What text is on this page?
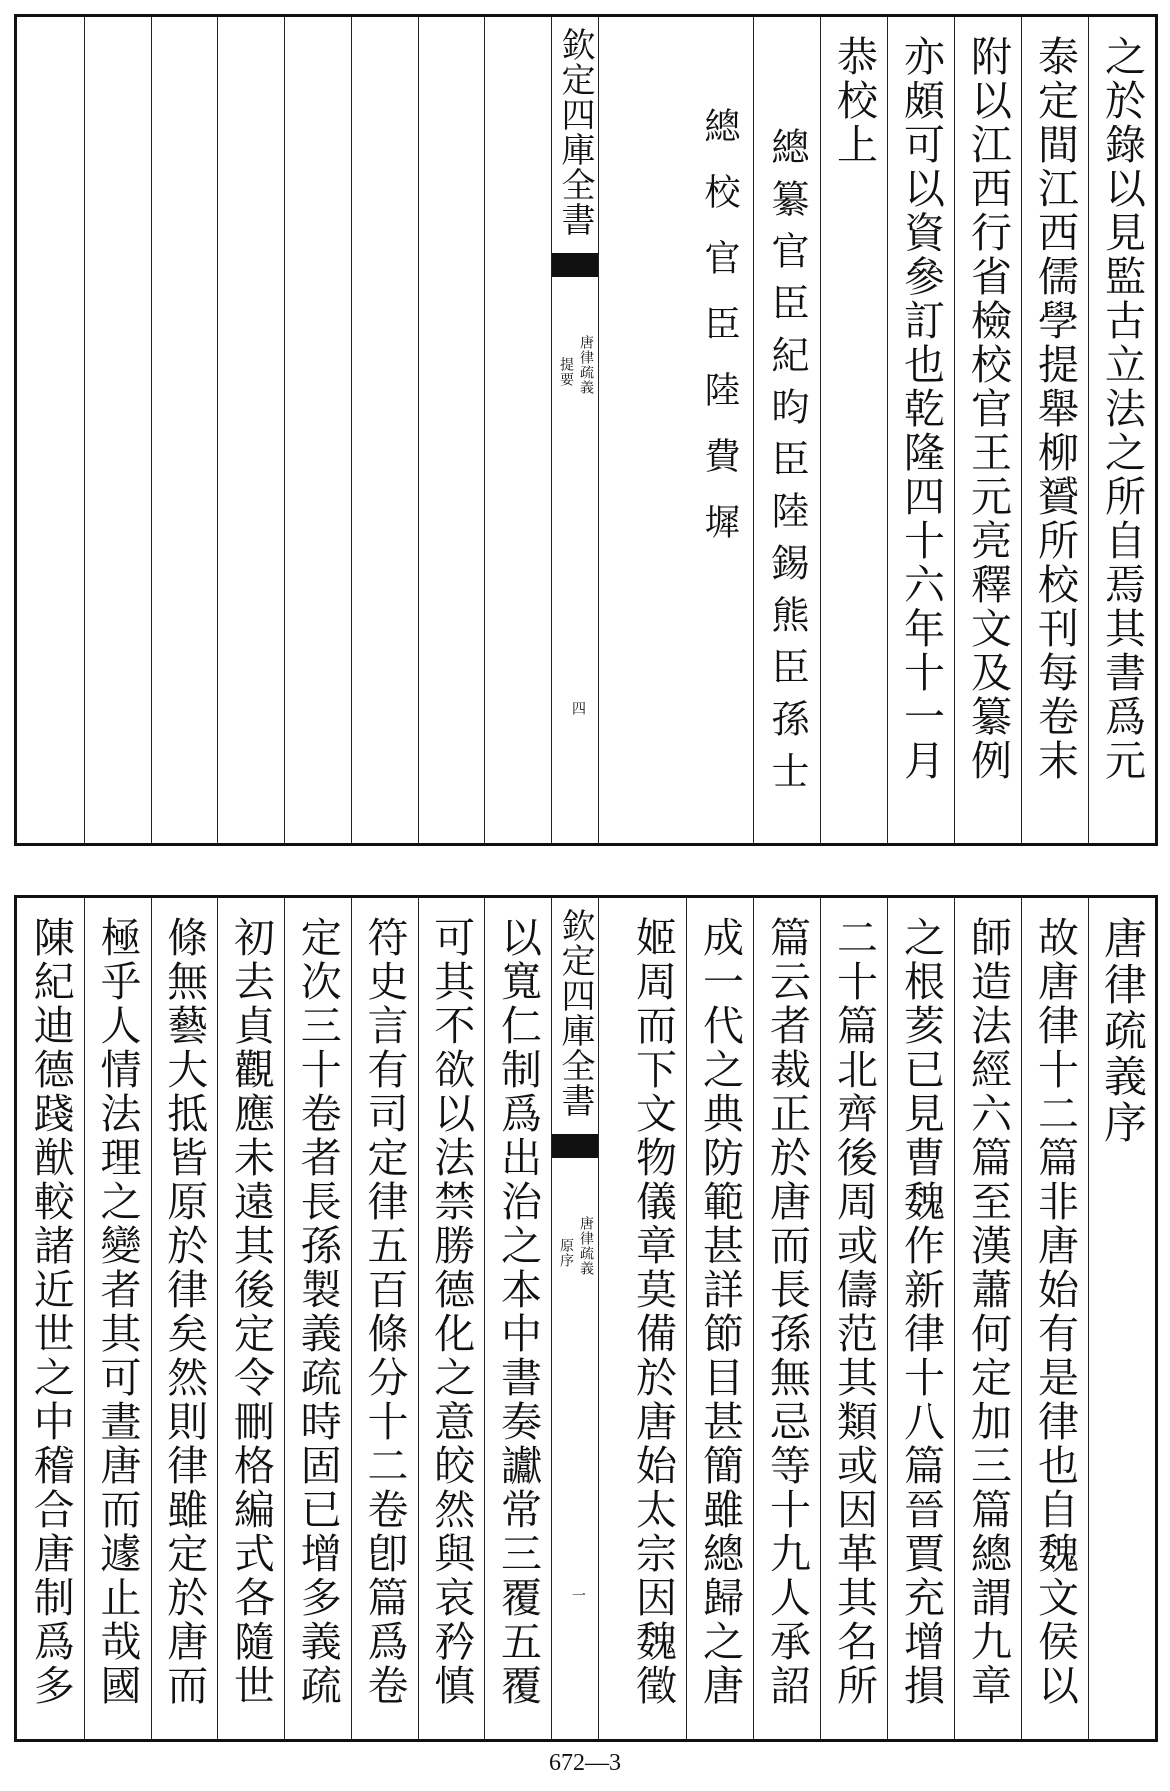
之於錄以見監古立法之所自焉其書爲元
泰定間江西儒學提舉柳贇所校刊每卷末
附以江西行省檢校官王元亮釋文及纂例
亦頗可以資參訂也乾隆四十六年十一月
恭校上
總纂官臣紀昀臣陸錫熊臣孫士
總校官臣陸費墀
欽定四庫全書
唐律疏義
提要
四
唐律疏義序
故唐律十二篇非唐始有是律也自魏文侯以
師造法經六篇至漢蕭何定加三篇總謂九章
之根荄已見曹魏作新律十八篇晉賈充增損
二十篇北齊後周或儔范其類或因革其名所
篇云者裁正於唐而長孫無忌等十九人承詔
成一代之典防範甚詳節目甚簡雖總歸之唐
姬周而下文物儀章莫備於唐始太宗因魏徵
欽定四庫全書
唐律疏義
原序
一
以寬仁制爲出治之本中書奏讞常三覆五覆
可其不欲以法禁勝德化之意皎然與哀矜慎
符史言有司定律五百條分十二卷卽篇爲卷
定次三十卷者長孫製義疏時固已增多義疏
初去貞觀應未遠其後定令刪格編式各隨世
條無藝大抵皆原於律矣然則律雖定於唐而
極乎人情法理之變者其可晝唐而遽止哉國
陳紀迪德踐猷較諸近世之中稽合唐制爲多
672—3
